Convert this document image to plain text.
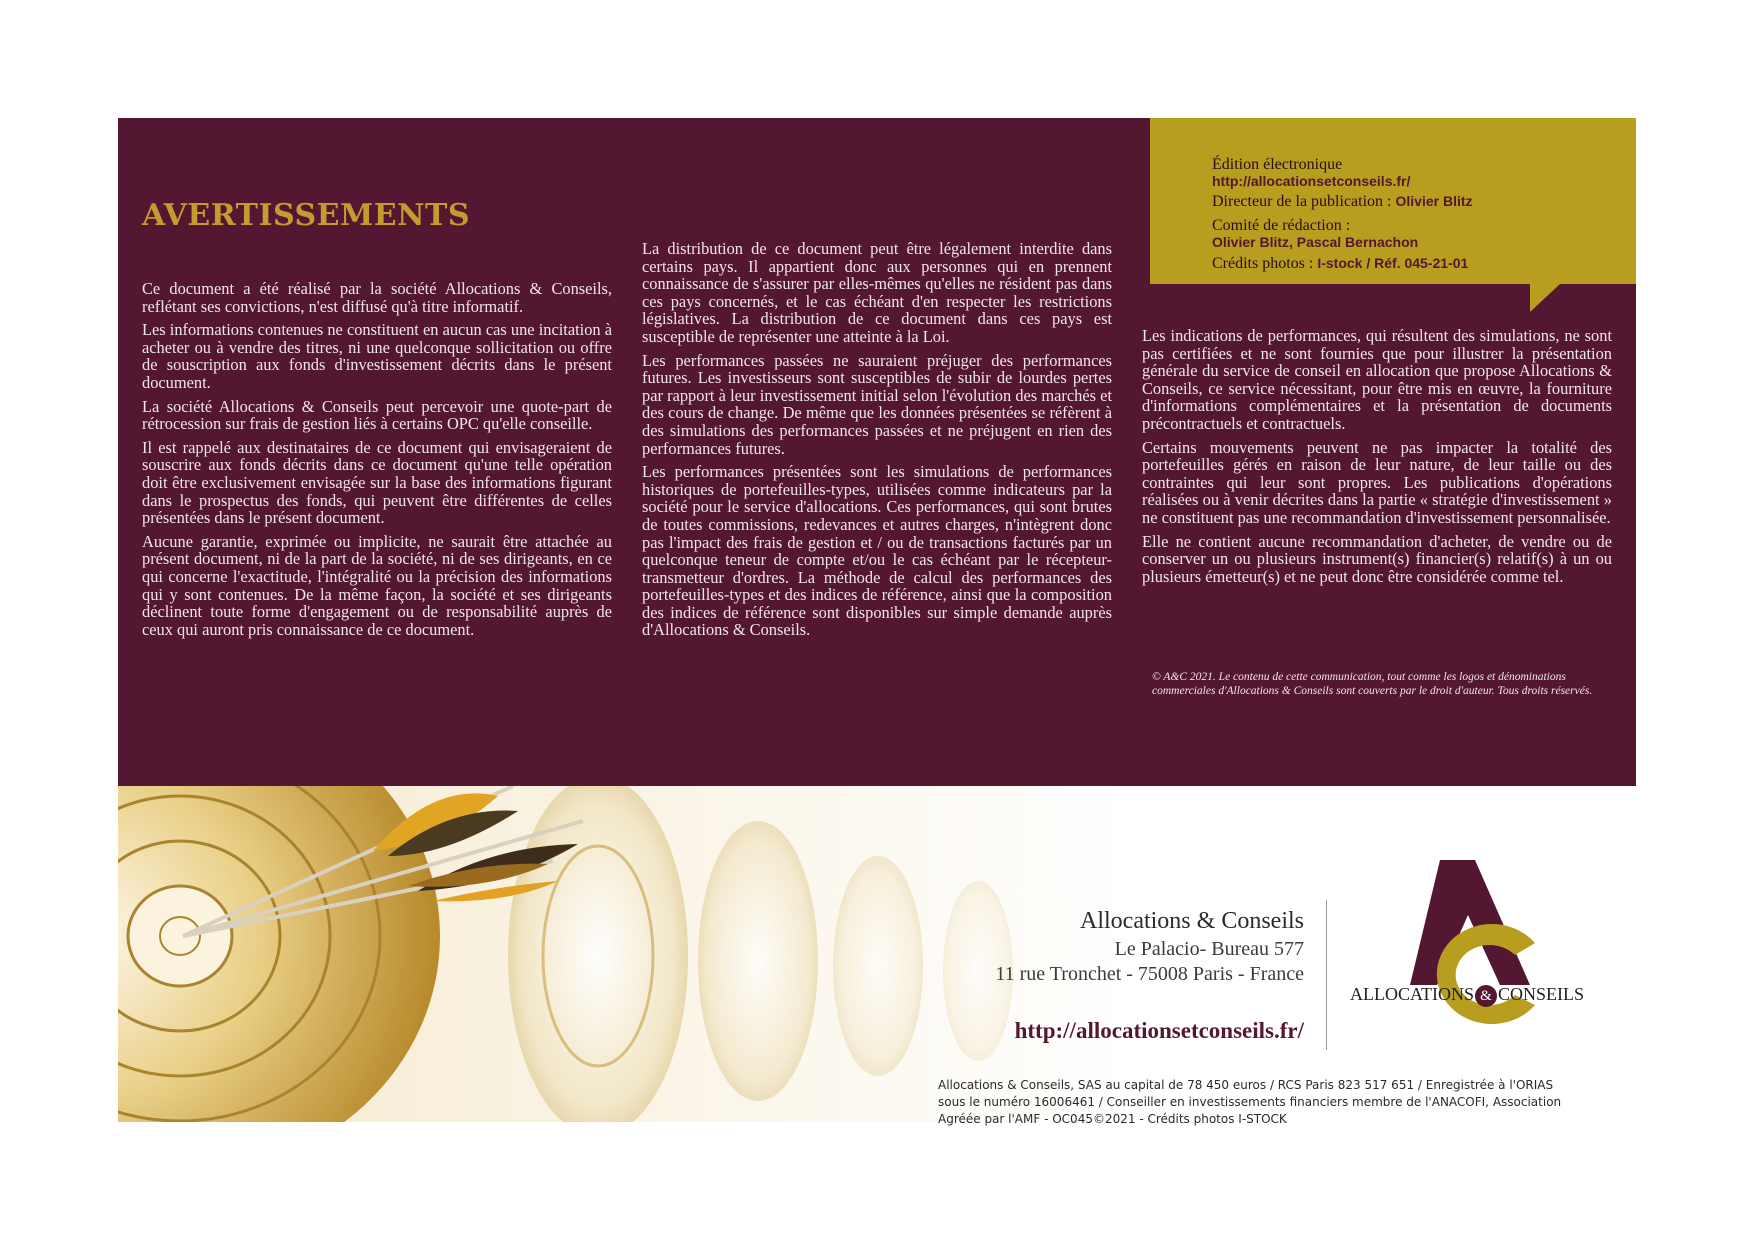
Édition électronique
http://allocationsetconseils.fr/
Directeur de la publication : Olivier Blitz
Comité de rédaction :
Olivier Blitz, Pascal Bernachon
Crédits photos : I-stock / Réf. 045-21-01
AVERTISSEMENTS

Ce document a été réalisé par la société Allocations & Conseils, reflétant ses convictions, n'est diffusé qu'à titre informatif.

Les informations contenues ne constituent en aucun cas une incitation à acheter ou à vendre des titres, ni une quelconque sollicitation ou offre de souscription aux fonds d'investissement décrits dans le présent document.

La société Allocations & Conseils peut percevoir une quote-part de rétrocession sur frais de gestion liés à certains OPC qu'elle conseille.

Il est rappelé aux destinataires de ce document qui envisageraient de souscrire aux fonds décrits dans ce document qu'une telle opération doit être exclusivement envisagée sur la base des informations figurant dans le prospectus des fonds, qui peuvent être différentes de celles présentées dans le présent document.

Aucune garantie, exprimée ou implicite, ne saurait être attachée au présent document, ni de la part de la société, ni de ses dirigeants, en ce qui concerne l'exactitude, l'intégralité ou la précision des informations qui y sont contenues. De la même façon, la société et ses dirigeants déclinent toute forme d'engagement ou de responsabilité auprès de ceux qui auront pris connaissance de ce document.

La distribution de ce document peut être légalement interdite dans certains pays. Il appartient donc aux personnes qui en prennent connaissance de s'assurer par elles-mêmes qu'elles ne résident pas dans ces pays concernés, et le cas échéant d'en respecter les restrictions législatives. La distribution de ce document dans ces pays est susceptible de représenter une atteinte à la Loi.

Les performances passées ne sauraient préjuger des performances futures. Les investisseurs sont susceptibles de subir de lourdes pertes par rapport à leur investissement initial selon l'évolution des marchés et des cours de change. De même que les données présentées se réfèrent à des simulations des performances passées et ne préjugent en rien des performances futures.

Les performances présentées sont les simulations de performances historiques de portefeuilles-types, utilisées comme indicateurs par la société pour le service d'allocations. Ces performances, qui sont brutes de toutes commissions, redevances et autres charges, n'intègrent donc pas l'impact des frais de gestion et / ou de transactions facturés par un quelconque teneur de compte et/ou le cas échéant par le récepteur-transmetteur d'ordres. La méthode de calcul des performances des portefeuilles-types et des indices de référence, ainsi que la composition des indices de référence sont disponibles sur simple demande auprès d'Allocations & Conseils.

Les indications de performances, qui résultent des simulations, ne sont pas certifiées et ne sont fournies que pour illustrer la présentation générale du service de conseil en allocation que propose Allocations & Conseils, ce service nécessitant, pour être mis en œuvre, la fourniture d'informations complémentaires et la présentation de documents précontractuels et contractuels.

Certains mouvements peuvent ne pas impacter la totalité des portefeuilles gérés en raison de leur nature, de leur taille ou des contraintes qui leur sont propres. Les publications d'opérations réalisées ou à venir décrites dans la partie « stratégie d'investissement » ne constituent pas une recommandation d'investissement personnalisée.

Elle ne contient aucune recommandation d'acheter, de vendre ou de conserver un ou plusieurs instrument(s) financier(s) relatif(s) à un ou plusieurs émetteur(s) et ne peut donc être considérée comme tel.

© A&C 2021. Le contenu de cette communication, tout comme les logos et dénominations commerciales d'Allocations & Conseils sont couverts par le droit d'auteur. Tous droits réservés.
Allocations & Conseils
Le Palacio- Bureau 577
11 rue Tronchet - 75008 Paris - France
http://allocationsetconseils.fr/
ALLOCATIONS & CONSEILS
Allocations & Conseils, SAS au capital de 78 450 euros / RCS Paris 823 517 651 / Enregistrée à l'ORIAS
sous le numéro 16006461 / Conseiller en investissements financiers membre de l'ANACOFI, Association
Agréée par l'AMF - OC045©2021 - Crédits photos I-STOCK
